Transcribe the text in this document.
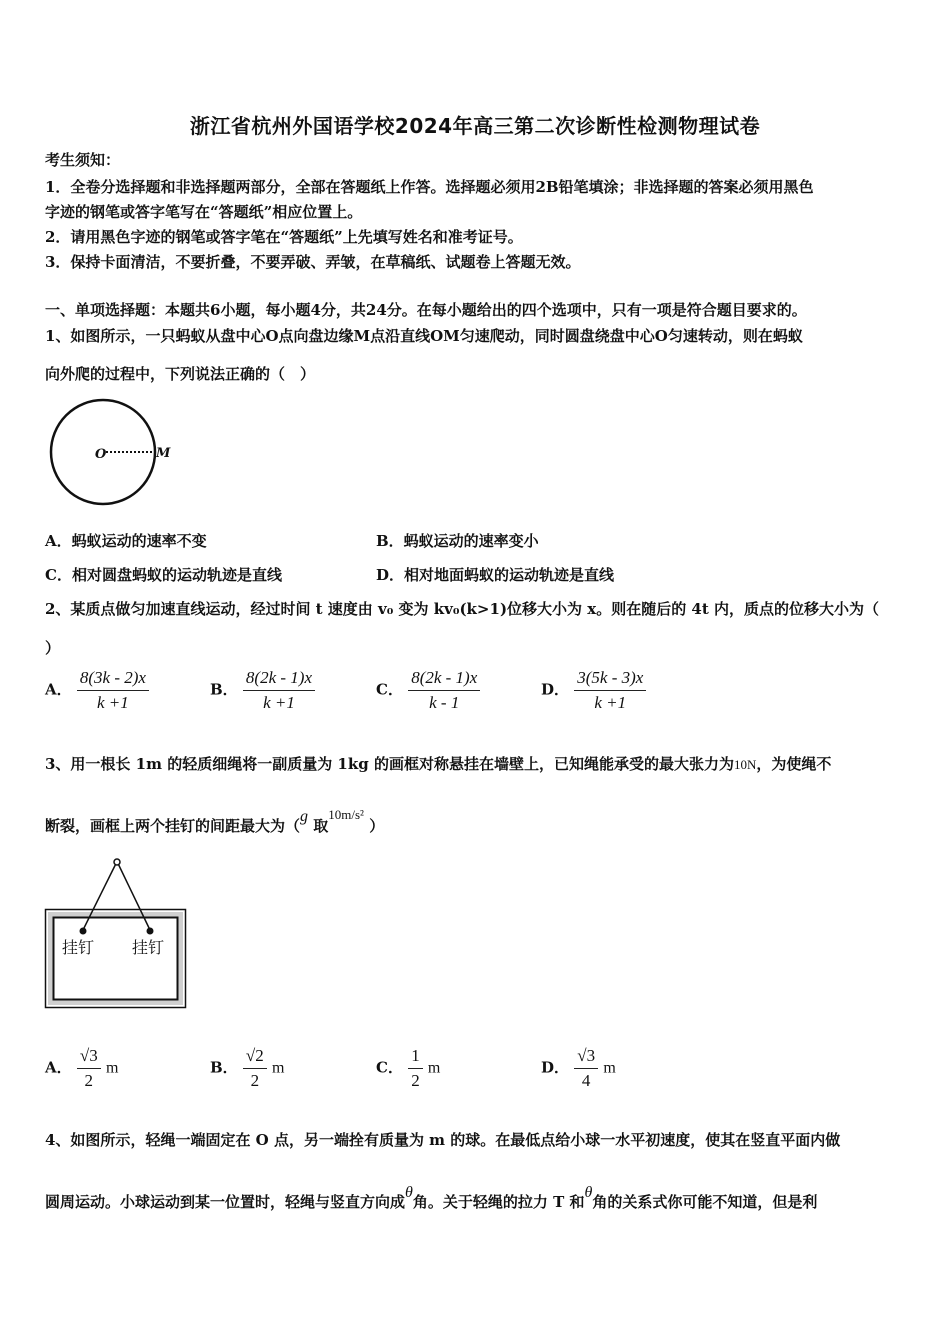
浙江省杭州外国语学校2024年高三第二次诊断性检测物理试卷
考生须知：
1．全卷分选择题和非选择题两部分，全部在答题纸上作答。选择题必须用2B铅笔填涂；非选择题的答案必须用黑色
字迹的钢笔或答字笔写在“答题纸”相应位置上。
2．请用黑色字迹的钢笔或答字笔在“答题纸”上先填写姓名和准考证号。
3．保持卡面清洁，不要折叠，不要弄破、弄皱，在草稿纸、试题卷上答题无效。
一、单项选择题：本题共6小题，每小题4分，共24分。在每小题给出的四个选项中，只有一项是符合题目要求的。
1、如图所示，一只蚂蚁从盘中心O点向盘边缘M点沿直线OM匀速爬动，同时圆盘绕盘中心O匀速转动，则在蚂蚁
向外爬的过程中，下列说法正确的（　）
O	M
A．蚂蚁运动的速率不变	B．蚂蚁运动的速率变小
C．相对圆盘蚂蚁的运动轨迹是直线	D．相对地面蚂蚁的运动轨迹是直线
2、某质点做匀加速直线运动，经过时间 t 速度由 v₀ 变为 kv₀(k>1)位移大小为 x。则在随后的 4t 内，质点的位移大小为（
）
A． $\frac{8(3k - 2)x}{k +1}$	B． $\frac{8(2k - 1)x}{k +1}$	C． $\frac{8(2k - 1)x}{k - 1}$	D． $\frac{3(5k - 3)x}{k +1}$
3、用一根长 1m 的轻质细绳将一副质量为 1kg 的画框对称悬挂在墙壁上，已知绳能承受的最大张力为10N，为使绳不
断裂，画框上两个挂钉的间距最大为（g 取10m/s² ）
挂钉 挂钉
A． $\frac{√3}{2}$ m	B． $\frac{√2}{2}$ m	C． $\frac{1}{2}$ m	D． $\frac{√3}{4}$ m
4、如图所示，轻绳一端固定在 O 点，另一端拴有质量为 m 的球。在最低点给小球一水平初速度，使其在竖直平面内做
圆周运动。小球运动到某一位置时，轻绳与竖直方向成θ角。关于轻绳的拉力 T 和θ角的关系式你可能不知道，但是利
